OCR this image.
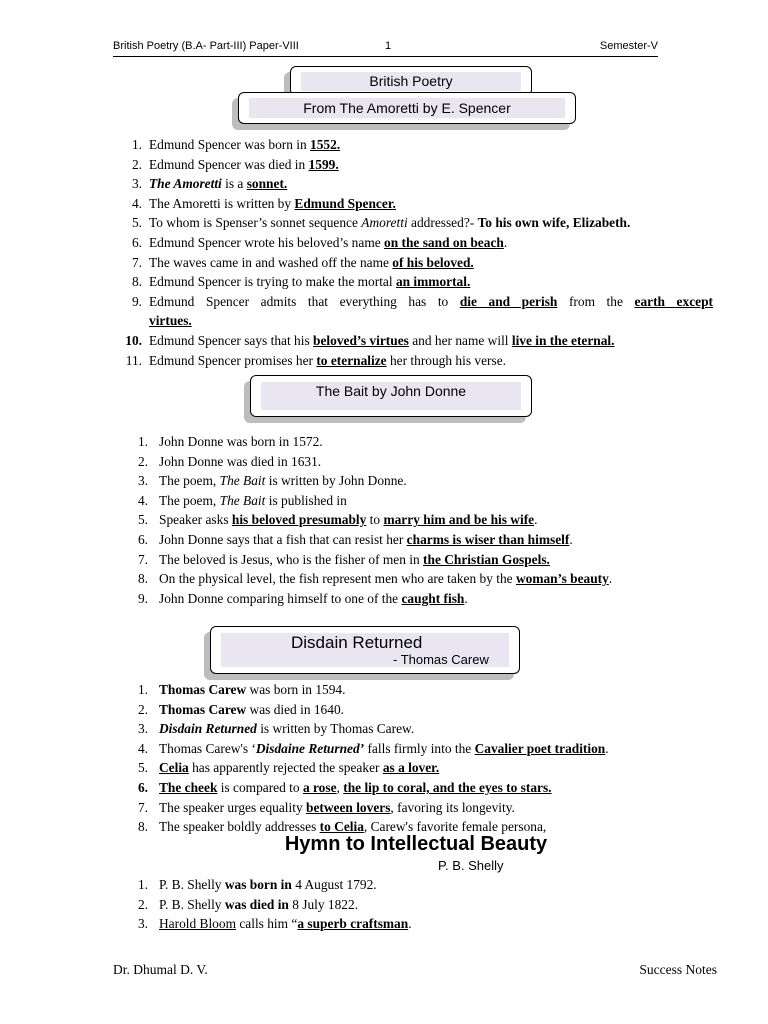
British Poetry (B.A- Part-III) Paper-VIII	1	Semester-V
British Poetry
From The Amoretti by E. Spencer
1. Edmund Spencer was born in 1552.
2. Edmund Spencer was died in 1599.
3. The Amoretti is a sonnet.
4. The Amoretti is written by Edmund Spencer.
5. To whom is Spenser’s sonnet sequence Amoretti addressed?- To his own wife, Elizabeth.
6. Edmund Spencer wrote his beloved’s name on the sand on beach.
7. The waves came in and washed off the name of his beloved.
8. Edmund Spencer is trying to make the mortal an immortal.
9. Edmund Spencer admits that everything has to die and perish from the earth except
virtues.
10. Edmund Spencer says that his beloved’s virtues and her name will live in the eternal.
11. Edmund Spencer promises her to eternalize her through his verse.
The Bait by John Donne
1. John Donne was born in 1572.
2. John Donne was died in 1631.
3. The poem, The Bait is written by John Donne.
4. The poem, The Bait is published in
5. Speaker asks his beloved presumably to marry him and be his wife.
6. John Donne says that a fish that can resist her charms is wiser than himself.
7. The beloved is Jesus, who is the fisher of men in the Christian Gospels.
8. On the physical level, the fish represent men who are taken by the woman’s beauty.
9. John Donne comparing himself to one of the caught fish.
Disdain Returned
- Thomas Carew
1. Thomas Carew was born in 1594.
2. Thomas Carew was died in 1640.
3. Disdain Returned is written by Thomas Carew.
4. Thomas Carew's ‘Disdaine Returned’ falls firmly into the Cavalier poet tradition.
5. Celia has apparently rejected the speaker as a lover.
6. The cheek is compared to a rose, the lip to coral, and the eyes to stars.
7. The speaker urges equality between lovers, favoring its longevity.
8. The speaker boldly addresses to Celia, Carew's favorite female persona,
Hymn to Intellectual Beauty
P. B. Shelly
1. P. B. Shelly was born in 4 August 1792.
2. P. B. Shelly was died in 8 July 1822.
3. Harold Bloom calls him “a superb craftsman.
Dr. Dhumal D. V.	Success Notes
